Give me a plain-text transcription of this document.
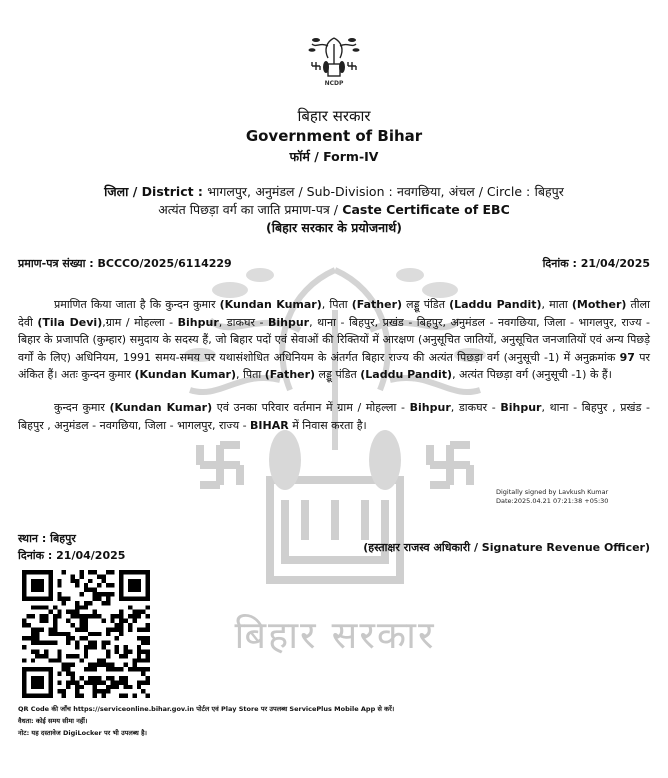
बिहार सरकार
NCDP
बिहार सरकार
Government of Bihar
फॉर्म / Form-IV
जिला / District : भागलपुर, अनुमंडल / Sub-Division : नवगछिया, अंचल / Circle : बिहपुर
अत्यंत पिछड़ा वर्ग का जाति प्रमाण-पत्र / Caste Certificate of EBC
(बिहार सरकार के प्रयोजनार्थ)
प्रमाण-पत्र संख्या : BCCCO/2025/6114229	दिनांक : 21/04/2025
प्रमाणित किया जाता है कि कुन्दन कुमार (Kundan Kumar), पिता (Father) लड्डू पंडित (Laddu Pandit), माता (Mother) तीला देवी (Tila Devi),ग्राम / मोहल्ला - Bihpur, डाकघर - Bihpur, थाना - बिहपुर, प्रखंड - बिहपुर, अनुमंडल - नवगछिया, जिला - भागलपुर, राज्य - बिहार के प्रजापति (कुम्हार) समुदाय के सदस्य हैं, जो बिहार पदों एवं सेवाओं की रिक्तियों में आरक्षण (अनुसूचित जातियों, अनुसूचित जनजातियों एवं अन्य पिछड़े वर्गों के लिए) अधिनियम, 1991 समय-समय पर यथासंशोधित अधिनियम के अंतर्गत बिहार राज्य की अत्यंत पिछड़ा वर्ग (अनुसूची -1) में अनुक्रमांक 97 पर अंकित हैं। अतः कुन्दन कुमार (Kundan Kumar), पिता (Father) लड्डू पंडित (Laddu Pandit), अत्यंत पिछड़ा वर्ग (अनुसूची -1) के हैं।
कुन्दन कुमार (Kundan Kumar) एवं उनका परिवार वर्तमान में ग्राम / मोहल्ला - Bihpur, डाकघर - Bihpur, थाना - बिहपुर , प्रखंड - बिहपुर , अनुमंडल - नवगछिया, जिला - भागलपुर, राज्य - BIHAR में निवास करता है।
Digitally signed by Lavkush Kumar
Date:2025.04.21 07:21:38 +05:30
स्थान : बिहपुर
दिनांक : 21/04/2025
(हस्ताक्षर राजस्व अधिकारी / Signature Revenue Officer)
QR Code की जाँच https://serviceonline.bihar.gov.in पोर्टल एवं Play Store पर उपलब्ध ServicePlus Mobile App से करें।
वैधता: कोई समय सीमा नहीं।
नोट: यह दस्तावेज DigiLocker पर भी उपलब्ध है।
